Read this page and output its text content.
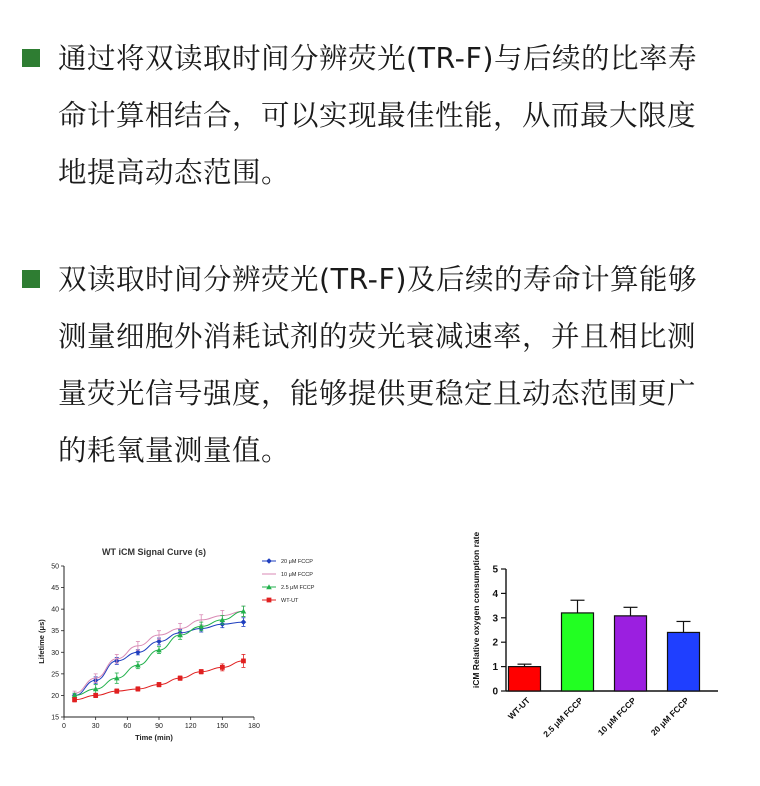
通过将双读取时间分辨荧光(TR-F)与后续的比率寿
命计算相结合，可以实现最佳性能，从而最大限度
地提高动态范围。
双读取时间分辨荧光(TR-F)及后续的寿命计算能够
测量细胞外消耗试剂的荧光衰减速率，并且相比测
量荧光信号强度，能够提供更稳定且动态范围更广
的耗氧量测量值。
WT iCM Signal Curve (s)
15
20
25
30
35
40
45
50
0	30	60	90	120	150	180
Time (min)
Lifetime (μs)
20 μM FCCP
10 μM FCCP
2.5 μM FCCP
WT-UT
0
1
2
3
4
5
iCM Relative oxygen consumption rate
WT-UT 2.5 μM FCCP 10 μM FCCP 20 μM FCCP
